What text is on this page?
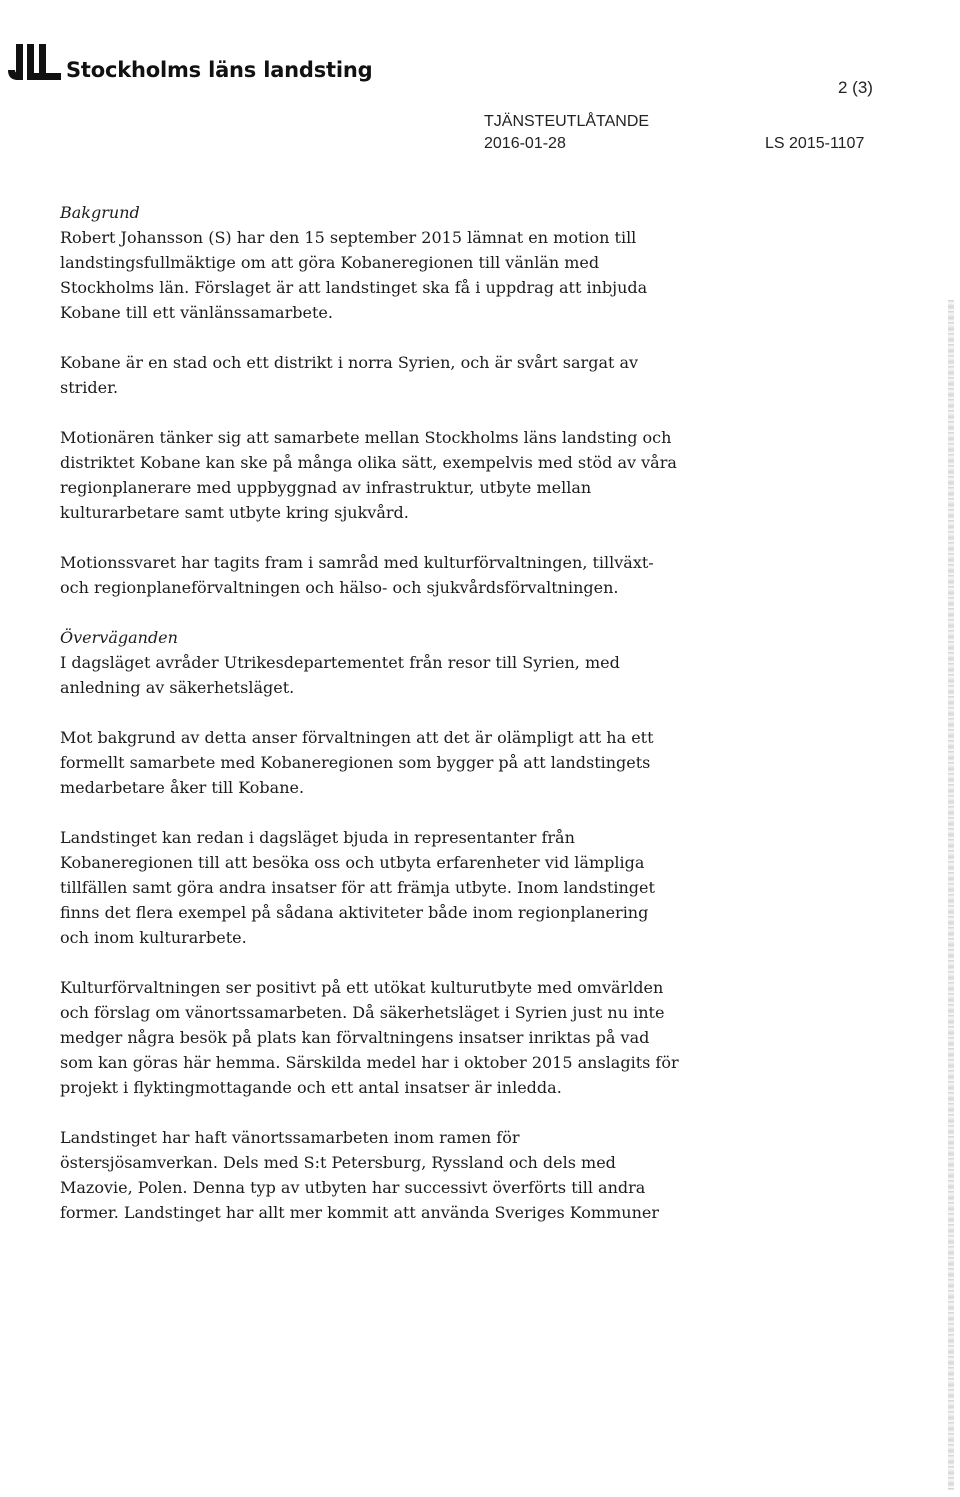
Stockholms läns landsting
2 (3)
TJÄNSTEUTLÅTANDE
2016-01-28	LS 2015-1107

Bakgrund

Robert Johansson (S) har den 15 september 2015 lämnat en motion till
landstingsfullmäktige om att göra Kobaneregionen till vänlän med
Stockholms län. Förslaget är att landstinget ska få i uppdrag att inbjuda
Kobane till ett vänlänssamarbete.

Kobane är en stad och ett distrikt i norra Syrien, och är svårt sargat av
strider.

Motionären tänker sig att samarbete mellan Stockholms läns landsting och
distriktet Kobane kan ske på många olika sätt, exempelvis med stöd av våra
regionplanerare med uppbyggnad av infrastruktur, utbyte mellan
kulturarbetare samt utbyte kring sjukvård.

Motionssvaret har tagits fram i samråd med kulturförvaltningen, tillväxt-
och regionplaneförvaltningen och hälso- och sjukvårdsförvaltningen.

Överväganden

I dagsläget avråder Utrikesdepartementet från resor till Syrien, med
anledning av säkerhetsläget.

Mot bakgrund av detta anser förvaltningen att det är olämpligt att ha ett
formellt samarbete med Kobaneregionen som bygger på att landstingets
medarbetare åker till Kobane.

Landstinget kan redan i dagsläget bjuda in representanter från
Kobaneregionen till att besöka oss och utbyta erfarenheter vid lämpliga
tillfällen samt göra andra insatser för att främja utbyte. Inom landstinget
finns det flera exempel på sådana aktiviteter både inom regionplanering
och inom kulturarbete.

Kulturförvaltningen ser positivt på ett utökat kulturutbyte med omvärlden
och förslag om vänortssamarbeten. Då säkerhetsläget i Syrien just nu inte
medger några besök på plats kan förvaltningens insatser inriktas på vad
som kan göras här hemma. Särskilda medel har i oktober 2015 anslagits för
projekt i flyktingmottagande och ett antal insatser är inledda.

Landstinget har haft vänortssamarbeten inom ramen för
östersjösamverkan. Dels med S:t Petersburg, Ryssland och dels med
Mazovie, Polen. Denna typ av utbyten har successivt överförts till andra
former. Landstinget har allt mer kommit att använda Sveriges Kommuner
